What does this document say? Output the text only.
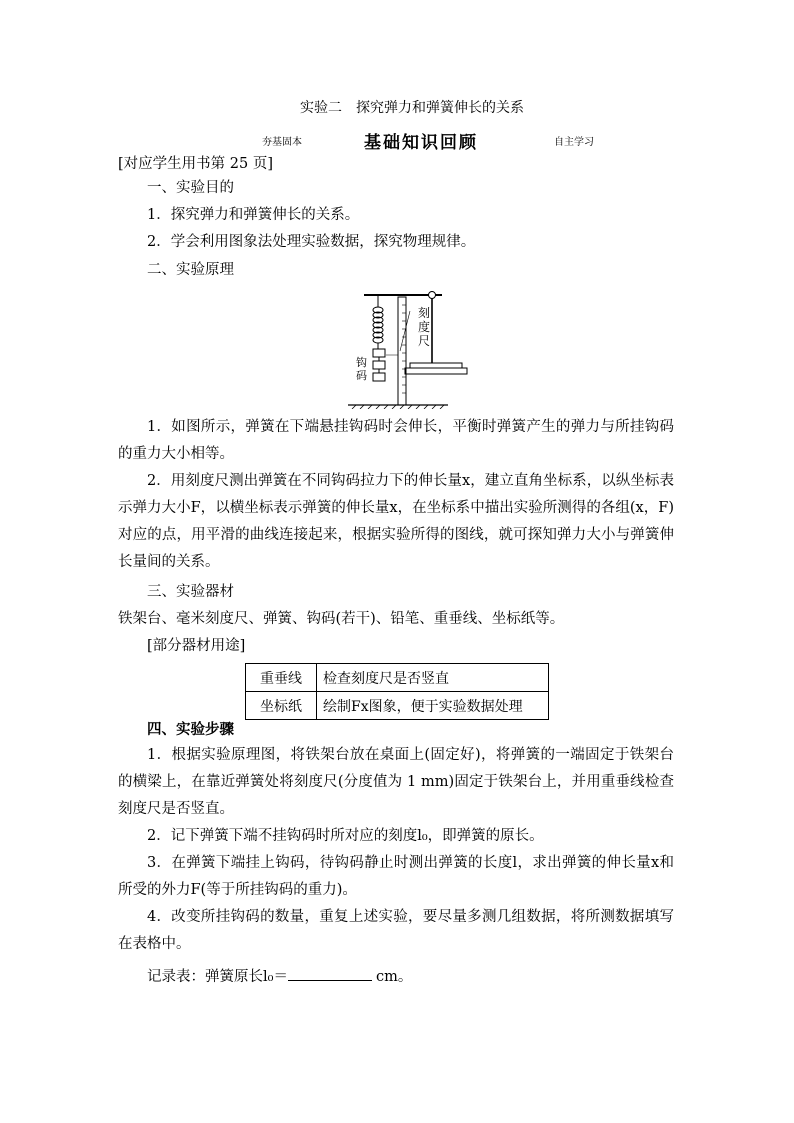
实验二　探究弹力和弹簧伸长的关系
夯基固本	基础知识回顾	自主学习
[对应学生用书第 25 页]
一、实验目的
1．探究弹力和弹簧伸长的关系。
2．学会利用图象法处理实验数据，探究物理规律。
二、实验原理
刻度尺
钩码
1．如图所示，弹簧在下端悬挂钩码时会伸长，平衡时弹簧产生的弹力与所挂钩码的重力大小相等。
2．用刻度尺测出弹簧在不同钩码拉力下的伸长量x，建立直角坐标系，以纵坐标表示弹力大小F，以横坐标表示弹簧的伸长量x，在坐标系中描出实验所测得的各组(x，F)对应的点，用平滑的曲线连接起来，根据实验所得的图线，就可探知弹力大小与弹簧伸长量间的关系。
三、实验器材
铁架台、毫米刻度尺、弹簧、钩码(若干)、铅笔、重垂线、坐标纸等。
[部分器材用途]
重垂线	检查刻度尺是否竖直
坐标纸	绘制Fx图象，便于实验数据处理
四、实验步骤
1．根据实验原理图，将铁架台放在桌面上(固定好)，将弹簧的一端固定于铁架台的横梁上，在靠近弹簧处将刻度尺(分度值为 1 mm)固定于铁架台上，并用重垂线检查刻度尺是否竖直。
2．记下弹簧下端不挂钩码时所对应的刻度l₀，即弹簧的原长。
3．在弹簧下端挂上钩码，待钩码静止时测出弹簧的长度l，求出弹簧的伸长量x和所受的外力F(等于所挂钩码的重力)。
4．改变所挂钩码的数量，重复上述实验，要尽量多测几组数据，将所测数据填写在表格中。
记录表：弹簧原长l₀＝	cm。
